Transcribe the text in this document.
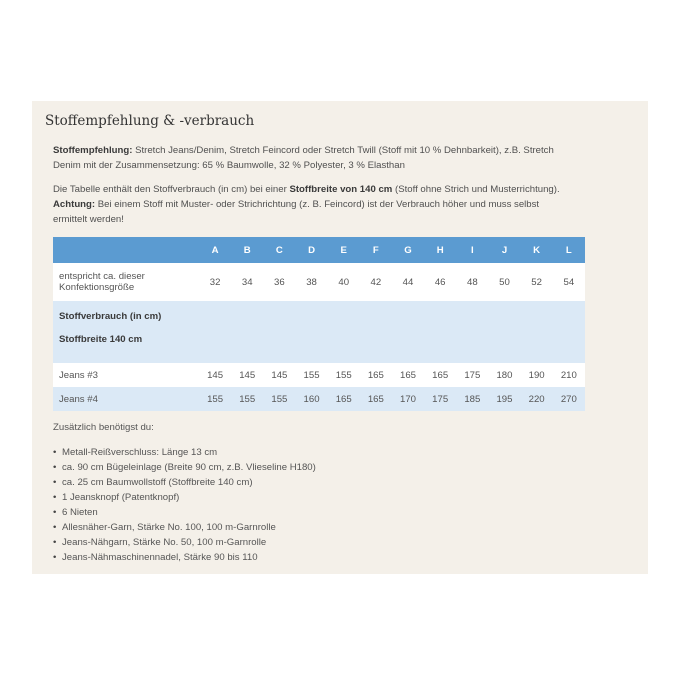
Stoffempfehlung & -verbrauch
Stoffempfehlung: Stretch Jeans/Denim, Stretch Feincord oder Stretch Twill (Stoff mit 10 % Dehnbarkeit), z.B. Stretch Denim mit der Zusammensetzung: 65 % Baumwolle, 32 % Polyester, 3 % Elasthan
Die Tabelle enthält den Stoffverbrauch (in cm) bei einer Stoffbreite von 140 cm (Stoff ohne Strich und Musterrichtung). Achtung: Bei einem Stoff mit Muster- oder Strichrichtung (z. B. Feincord) ist der Verbrauch höher und muss selbst ermittelt werden!
	A	B	C	D	E	F	G	H	I	J	K	L
entspricht ca. dieser Konfektionsgröße	32	34	36	38	40	42	44	46	48	50	52	54

Stoffverbrauch (in cm)
Stoffbreite 140 cm												

Jeans #3	145	145	145	155	155	165	165	165	175	180	190	210
Jeans #4	155	155	155	160	165	165	170	175	185	195	220	270
Zusätzlich benötigst du:
• Metall-Reißverschluss: Länge 13 cm
• ca. 90 cm Bügeleinlage (Breite 90 cm, z.B. Vlieseline H180)
• ca. 25 cm Baumwollstoff (Stoffbreite 140 cm)
• 1 Jeansknopf (Patentknopf)
• 6 Nieten
• Allesnäher-Garn, Stärke No. 100, 100 m-Garnrolle
• Jeans-Nähgarn, Stärke No. 50, 100 m-Garnrolle
• Jeans-Nähmaschinennadel, Stärke 90 bis 110
